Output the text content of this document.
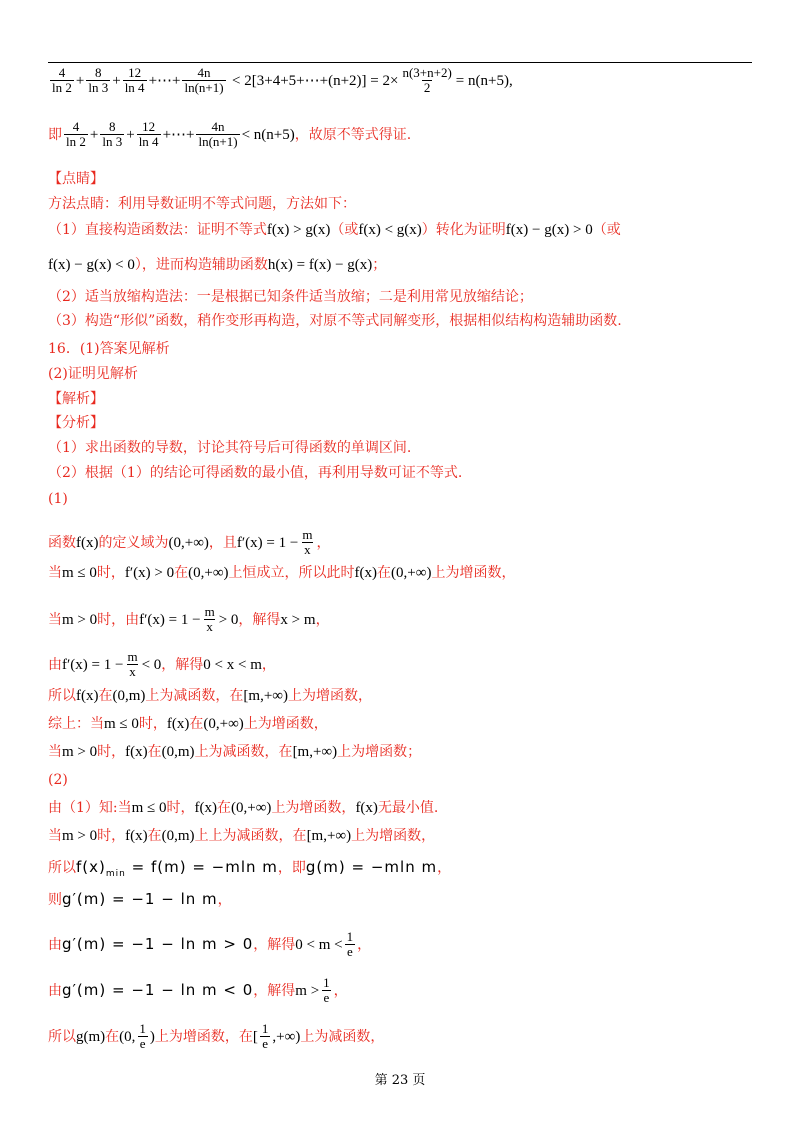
$\frac{4}{\ln 2} + \frac{8}{\ln 3} + \frac{12}{\ln 4}$ +⋯+ $\frac{4n}{\ln(n+1)}$ < 2[3+4+5+⋯+(n+2)] = $2\times \frac{n(3+n+2)}{2} = n(n+5)$,
即 $\frac{4}{\ln 2} + \frac{8}{\ln 3} + \frac{12}{\ln 4}$ +⋯+ $\frac{4n}{\ln(n+1)} < n(n+5)$，故原不等式得证.
【点睛】
方法点睛：利用导数证明不等式问题，方法如下：
（1）直接构造函数法：证明不等式f(x) > g(x)（或f(x) < g(x)）转化为证明f(x) − g(x) > 0（或
f(x) − g(x) < 0），进而构造辅助函数h(x) = f(x) − g(x)；
（2）适当放缩构造法：一是根据已知条件适当放缩；二是利用常见放缩结论；
（3）构造“形似”函数，稍作变形再构造，对原不等式同解变形，根据相似结构构造辅助函数.
16．(1)答案见解析
(2)证明见解析
【解析】
【分析】
（1）求出函数的导数，讨论其符号后可得函数的单调区间.
（2）根据（1）的结论可得函数的最小值，再利用导数可证不等式.
(1)
函数f(x)的定义域为(0,+∞)，且$f'(x) = 1 - \frac{m}{x}$ ，
当m ≤ 0时，f′(x) > 0在(0,+∞)上恒成立，所以此时f(x)在(0,+∞)上为增函数，
当m > 0时，由$f'(x) = 1 - \frac{m}{x} > 0$，解得x > m，
由$f'(x) = 1 - \frac{m}{x} < 0$，解得0 < x < m，
所以f(x)在(0,m)上为减函数，在[m,+∞)上为增函数，
综上：当m ≤ 0时，f(x)在(0,+∞)上为增函数，
当m > 0时，f(x)在(0,m)上为减函数，在[m,+∞)上为增函数；
(2)
由（1）知:当m ≤ 0时，f(x)在(0,+∞)上为增函数，f(x)无最小值.
当m > 0时，f(x)在(0,m)上上为减函数，在[m,+∞)上为增函数，
所以$f(x)_{min} = f(m) = -mln$ m，即g(m) = −mln m，
则g′(m) = −1 − ln m，
由g′(m) = −1 − ln m > 0，解得$0 < m < \frac{1}{e}$ ，
由g′(m) = −1 − ln m < 0，解得$m > \frac{1}{e}$ ，
所以g(m)在(0, $\frac{1}{e}$ )上为增函数，在[ $\frac{1}{e}$ ,+∞)上为减函数，
第 23 页
